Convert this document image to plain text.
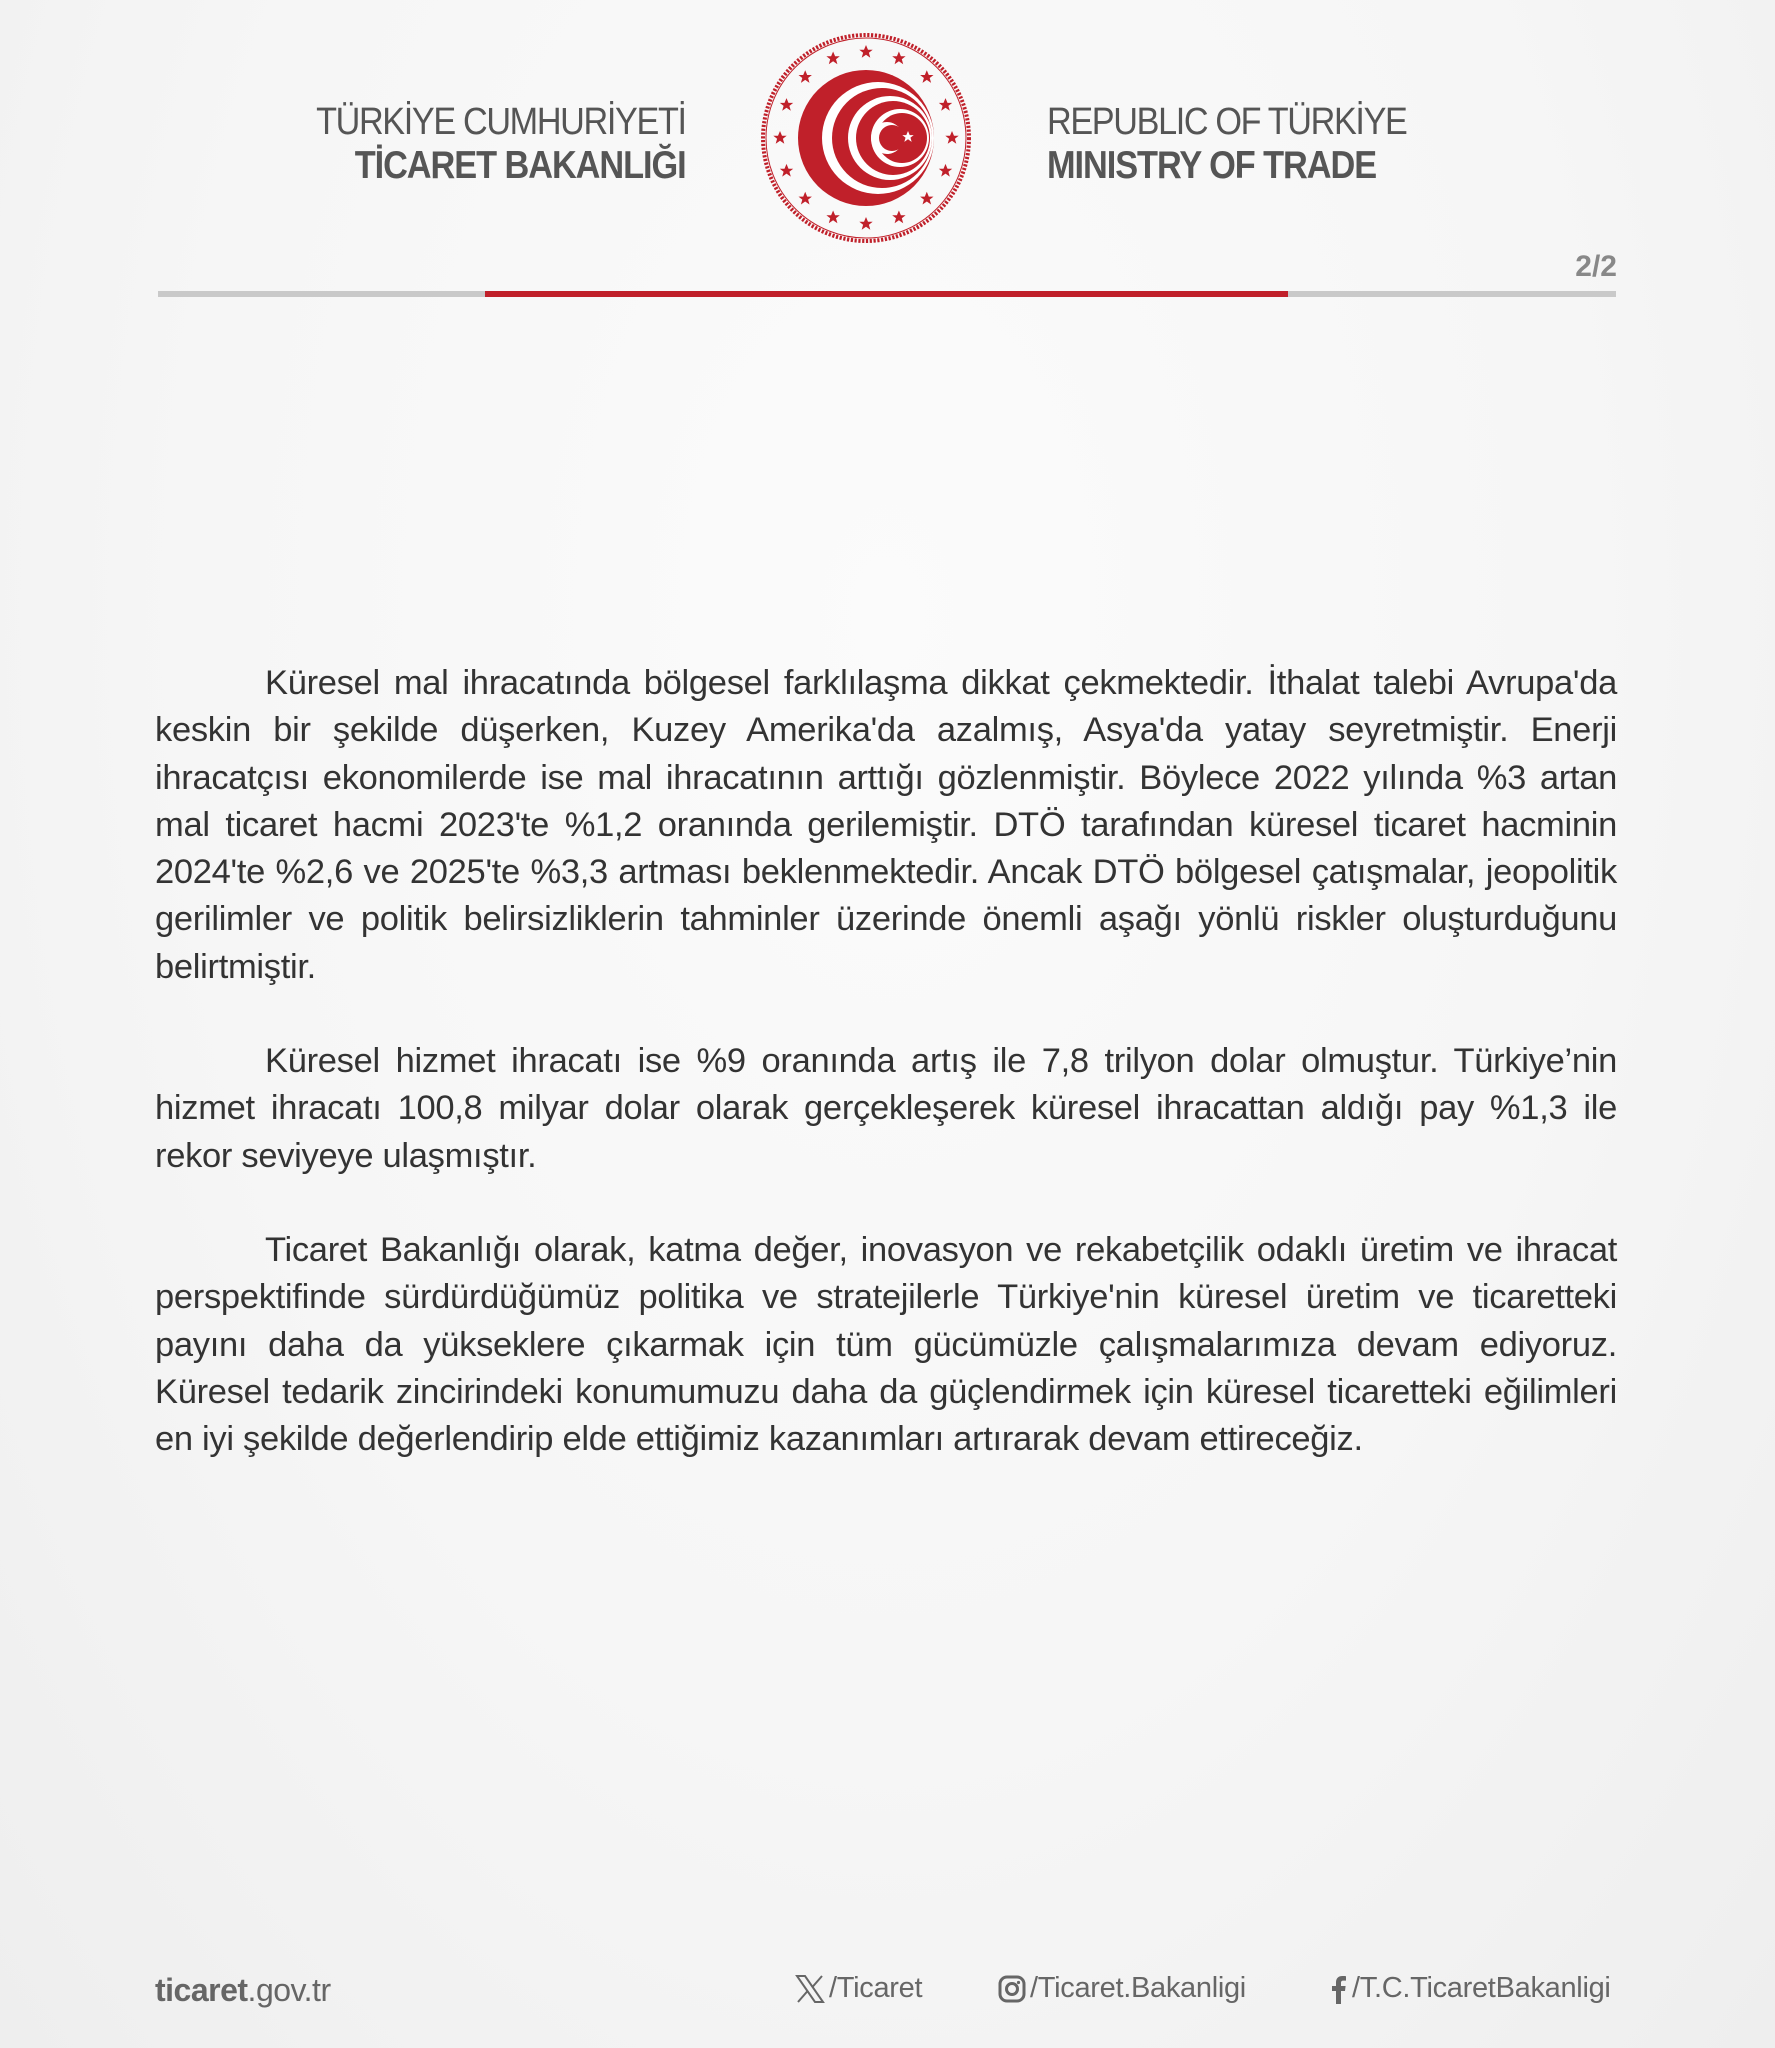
TÜRKİYE CUMHURİYETİ
TİCARET BAKANLIĞI
REPUBLIC OF TÜRKİYE
MINISTRY OF TRADE
2/2

Küresel mal ihracatında bölgesel farklılaşma dikkat çekmektedir. İthalat talebi Avrupa'da keskin bir şekilde düşerken, Kuzey Amerika'da azalmış, Asya'da yatay seyretmiştir. Enerji ihracatçısı ekonomilerde ise mal ihracatının arttığı gözlenmiştir. Böylece 2022 yılında %3 artan mal ticaret hacmi 2023'te %1,2 oranında gerilemiştir. DTÖ tarafından küresel ticaret hacminin 2024'te %2,6 ve 2025'te %3,3 artması beklenmektedir. Ancak DTÖ bölgesel çatışmalar, jeopolitik gerilimler ve politik belirsizliklerin tahminler üzerinde önemli aşağı yönlü riskler oluşturduğunu belirtmiştir.

Küresel hizmet ihracatı ise %9 oranında artış ile 7,8 trilyon dolar olmuştur. Türkiye’nin hizmet ihracatı 100,8 milyar dolar olarak gerçekleşerek küresel ihracattan aldığı pay %1,3 ile rekor seviyeye ulaşmıştır.

Ticaret Bakanlığı olarak, katma değer, inovasyon ve rekabetçilik odaklı üretim ve ihracat perspektifinde sürdürdüğümüz politika ve stratejilerle Türkiye'nin küresel üretim ve ticaretteki payını daha da yükseklere çıkarmak için tüm gücümüzle çalışmalarımıza devam ediyoruz. Küresel tedarik zincirindeki konumumuzu daha da güçlendirmek için küresel ticaretteki eğilimleri en iyi şekilde değerlendirip elde ettiğimiz kazanımları artırarak devam ettireceğiz.

ticaret.gov.tr	/Ticaret	/Ticaret.Bakanligi	/T.C.TicaretBakanligi
